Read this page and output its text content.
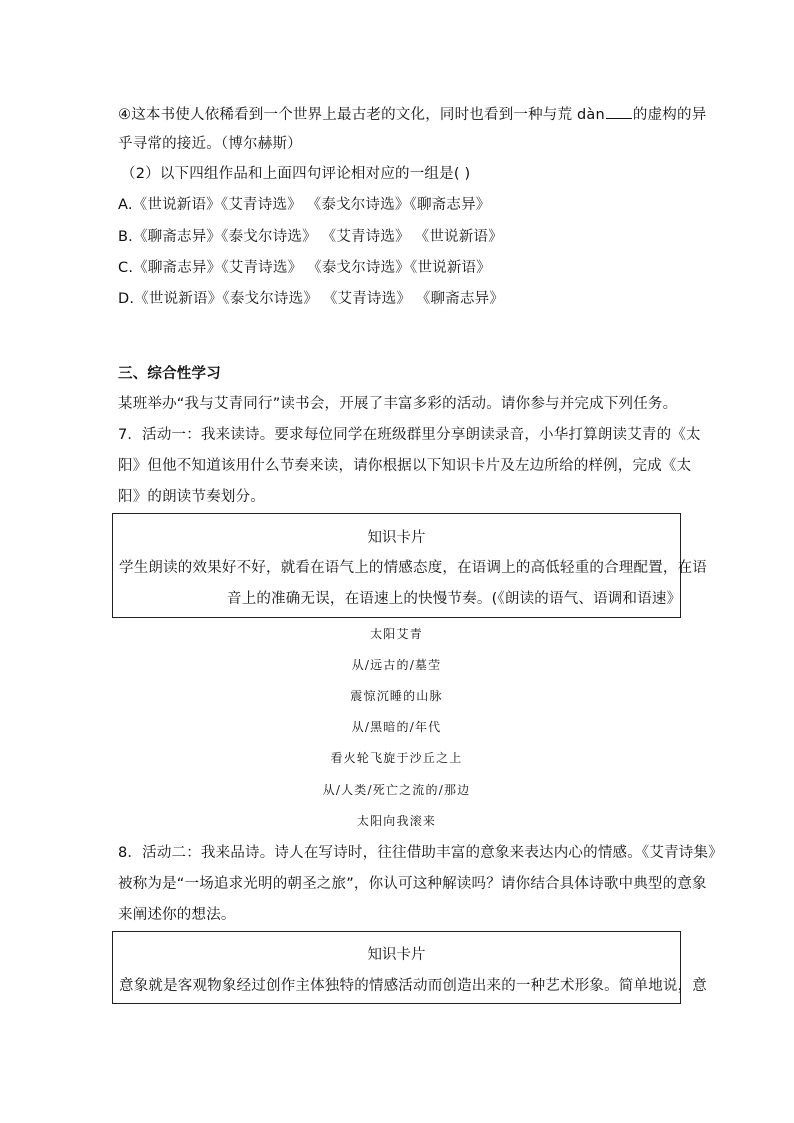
④这本书使人依稀看到一个世界上最古老的文化，同时也看到一种与荒 dàn 的虚构的异
乎寻常的接近。（博尔赫斯）
（2）以下四组作品和上面四句评论相对应的一组是( )
A.《世说新语》《艾青诗选》 《泰戈尔诗选》《聊斋志异》
B.《聊斋志异》《泰戈尔诗选》 《艾青诗选》 《世说新语》
C.《聊斋志异》《艾青诗选》 《泰戈尔诗选》《世说新语》
D.《世说新语》《泰戈尔诗选》 《艾青诗选》 《聊斋志异》
三、综合性学习
某班举办“我与艾青同行”读书会，开展了丰富多彩的活动。请你参与并完成下列任务。
7．活动一：我来读诗。要求每位同学在班级群里分享朗读录音，小华打算朗读艾青的《太
阳》但他不知道该用什么节奏来读，请你根据以下知识卡片及左边所给的样例，完成《太
阳》的朗读节奏划分。
知识卡片
学生朗读的效果好不好，就看在语气上的情感态度，在语调上的高低轻重的合理配置，在语
音上的准确无误，在语速上的快慢节奏。(《朗读的语气、语调和语速》
太阳艾青
从/远古的/墓茔
震惊沉睡的山脉
从/黑暗的/年代
看火轮飞旋于沙丘之上
从/人类/死亡之流的/那边
太阳向我滚来
8．活动二：我来品诗。诗人在写诗时，往往借助丰富的意象来表达内心的情感。《艾青诗集》
被称为是“一场追求光明的朝圣之旅”，你认可这种解读吗？请你结合具体诗歌中典型的意象
来阐述你的想法。
知识卡片
意象就是客观物象经过创作主体独特的情感活动而创造出来的一种艺术形象。简单地说，意
